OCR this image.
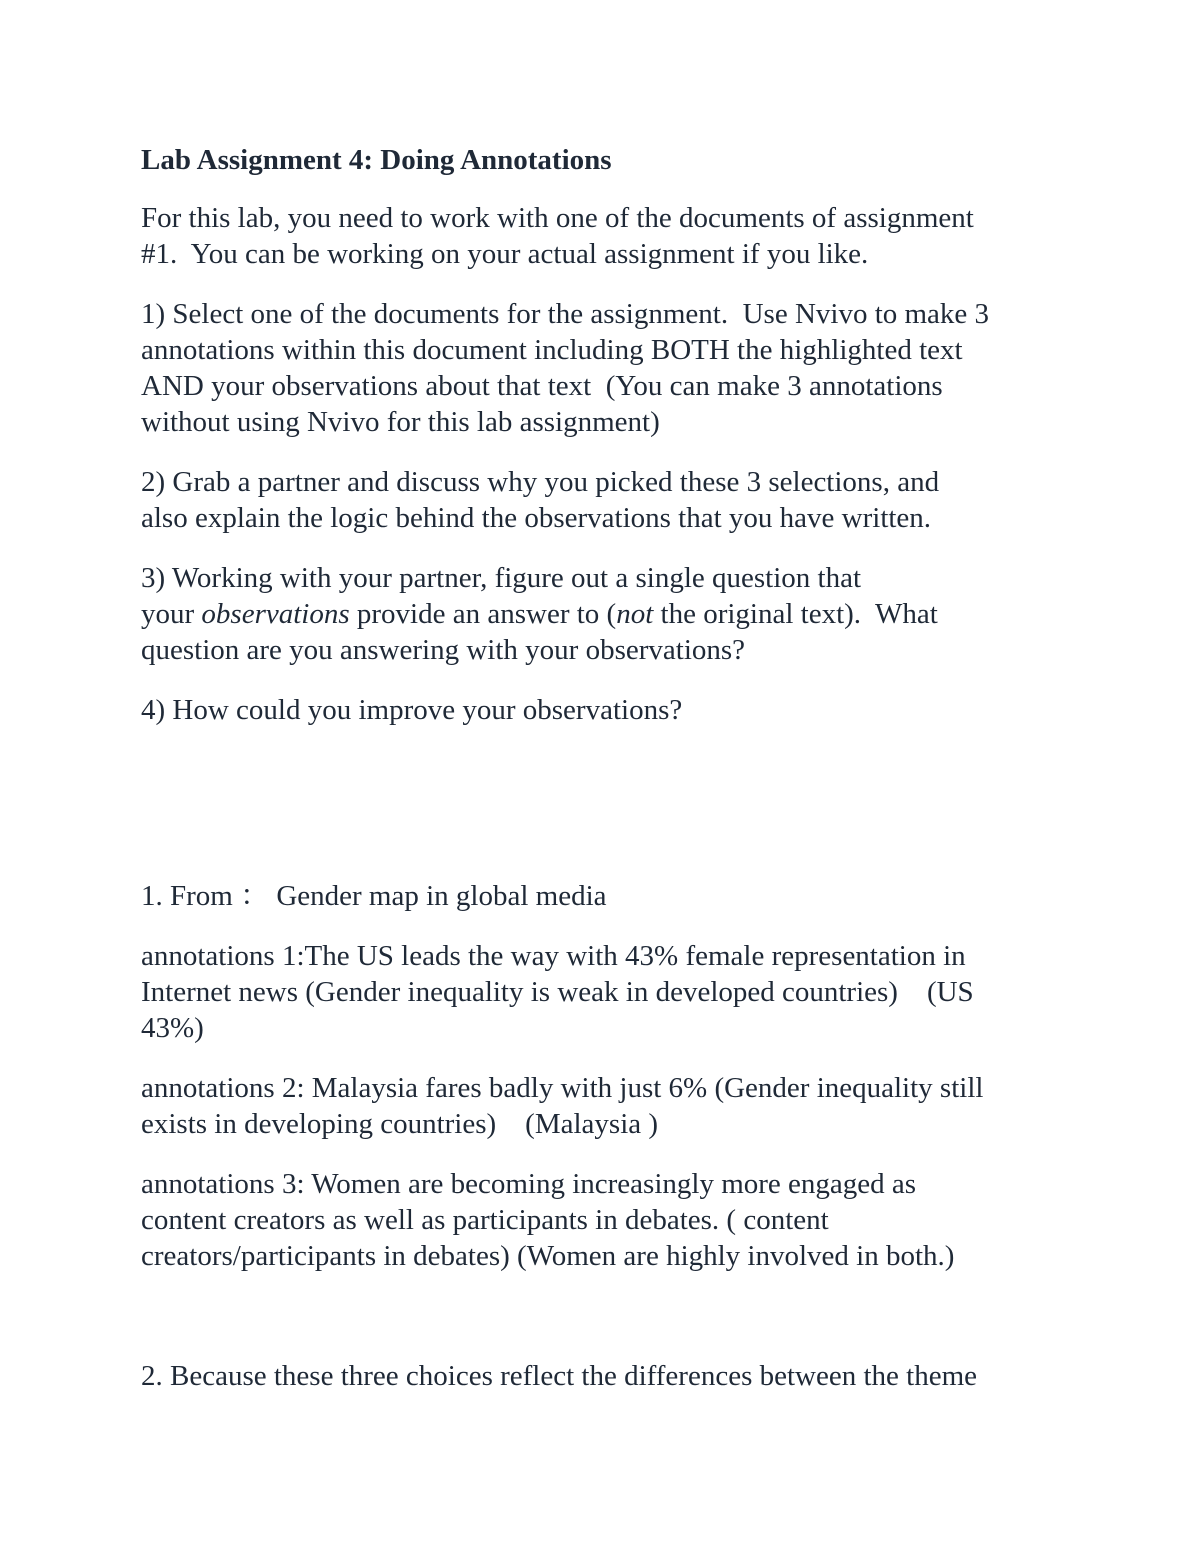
Lab Assignment 4: Doing Annotations

For this lab, you need to work with one of the documents of assignment
#1.  You can be working on your actual assignment if you like.

1) Select one of the documents for the assignment.  Use Nvivo to make 3
annotations within this document including BOTH the highlighted text
AND your observations about that text  (You can make 3 annotations
without using Nvivo for this lab assignment)

2) Grab a partner and discuss why you picked these 3 selections, and
also explain the logic behind the observations that you have written.

3) Working with your partner, figure out a single question that
your observations provide an answer to (not the original text).  What
question are you answering with your observations?

4) How could you improve your observations?

1. From ： Gender map in global media

annotations 1:The US leads the way with 43% female representation in
Internet news (Gender inequality is weak in developed countries)    (US
43%)

annotations 2: Malaysia fares badly with just 6% (Gender inequality still
exists in developing countries)    (Malaysia )

annotations 3: Women are becoming increasingly more engaged as
content creators as well as participants in debates. ( content
creators/participants in debates) (Women are highly involved in both.)

2. Because these three choices reflect the differences between the theme
